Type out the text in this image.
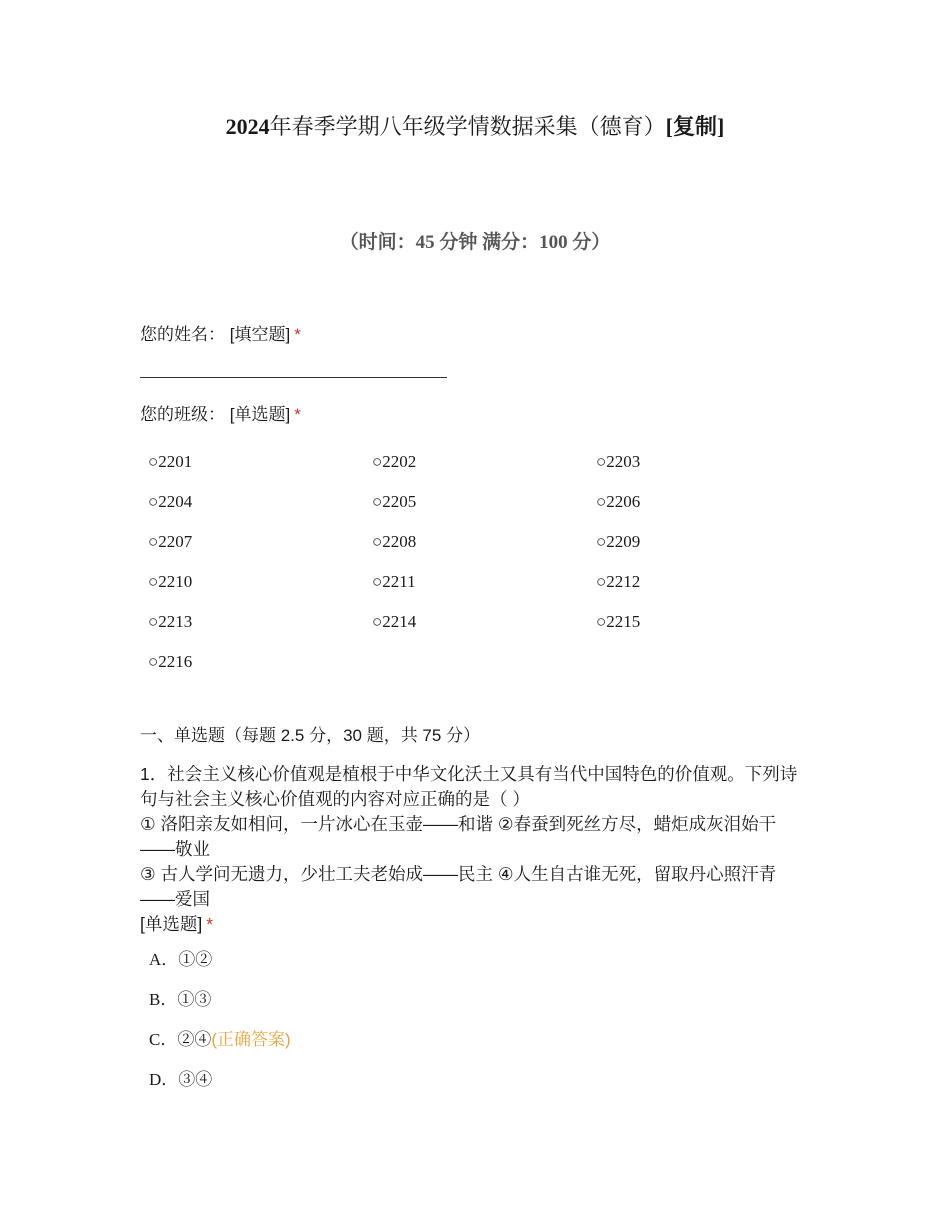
2024年春季学期八年级学情数据采集（德育）[复制]
（时间：45 分钟 满分：100 分）
您的姓名： [填空题] *
您的班级： [单选题] *
○2201	○2202	○2203
○2204	○2205	○2206
○2207	○2208	○2209
○2210	○2211	○2212
○2213	○2214	○2215
○2216
一、单选题（每题 2.5 分，30 题，共 75 分）

1．社会主义核心价值观是植根于中华文化沃土又具有当代中国特色的价值观。下列诗句与社会主义核心价值观的内容对应正确的是（ ）

① 洛阳亲友如相问，一片冰心在玉壶——和谐 ②春蚕到死丝方尽，蜡炬成灰泪始干——敬业

③ 古人学问无遗力，少壮工夫老始成——民主 ④人生自古谁无死，留取丹心照汗青——爱国

[单选题] *

A．①②
B．①③
C．②④(正确答案)
D．③④
